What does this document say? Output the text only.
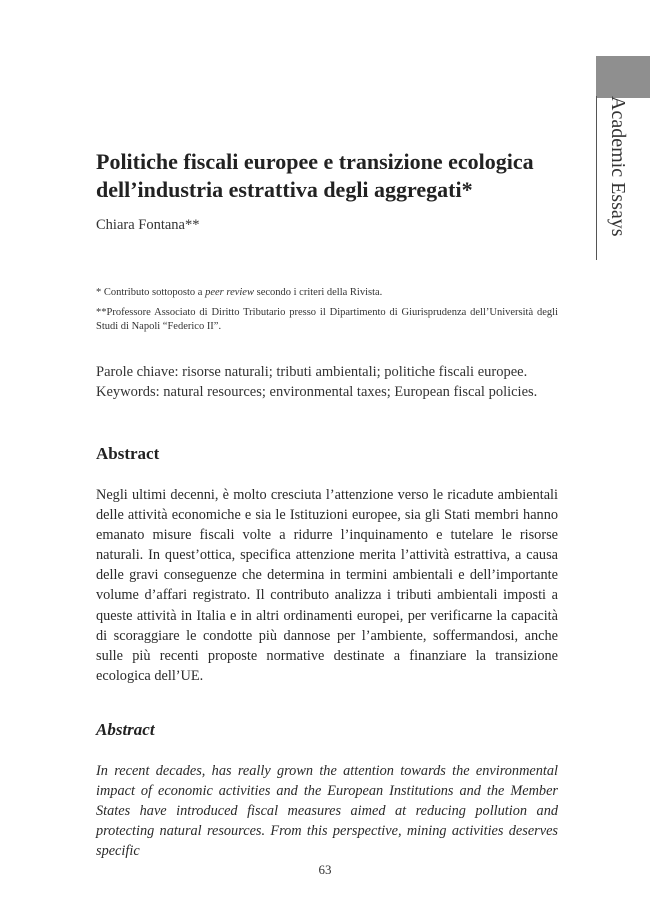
Academic Essays
Politiche fiscali europee e transizione ecologica dell’industria estrattiva degli aggregati*
Chiara Fontana**

* Contributo sottoposto a peer review secondo i criteri della Rivista.

**Professore Associato di Diritto Tributario presso il Dipartimento di Giurisprudenza dell’Università degli Studi di Napoli “Federico II”.

Parole chiave: risorse naturali; tributi ambientali; politiche fiscali europee.

Keywords: natural resources; environmental taxes; European fiscal policies.

Abstract

Negli ultimi decenni, è molto cresciuta l’attenzione verso le ricadute ambientali delle attività economiche e sia le Istituzioni europee, sia gli Stati membri hanno emanato misure fiscali volte a ridurre l’inquinamento e tutelare le risorse naturali. In quest’ottica, specifica attenzione merita l’attività estrattiva, a causa delle gravi conseguenze che determina in termini ambientali e dell’importante volume d’affari registrato. Il contributo analizza i tributi ambientali imposti a queste attività in Italia e in altri ordinamenti europei, per verificarne la capacità di scoraggiare le condotte più dannose per l’ambiente, soffermandosi, anche sulle più recenti proposte normative destinate a finanziare la transizione ecologica dell’UE.

Abstract

In recent decades, has really grown the attention towards the environmental impact of economic activities and the European Institutions and the Member States have introduced fiscal measures aimed at reducing pollution and protecting natural resources. From this perspective, mining activities deserves specific

63
